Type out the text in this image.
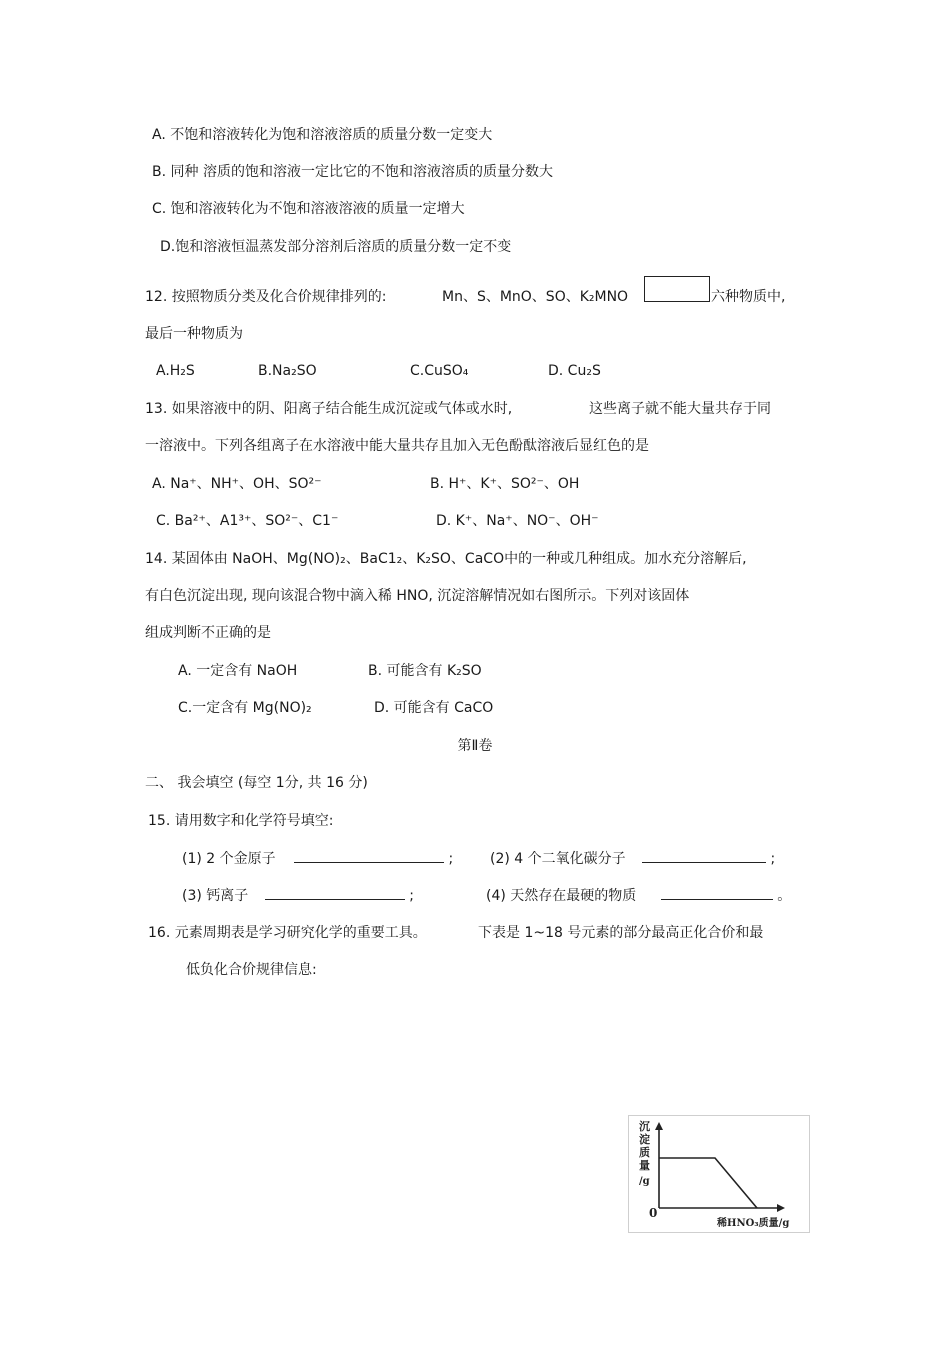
A. 不饱和溶液转化为饱和溶液溶质的质量分数一定变大
B. 同种 溶质的饱和溶液一定比它的不饱和溶液溶质的质量分数大
C. 饱和溶液转化为不饱和溶液溶液的质量一定增大
D.饱和溶液恒温蒸发部分溶剂后溶质的质量分数一定不变
12. 按照物质分类及化合价规律排列的:	Mn、S、MnO、SO、K₂MNO	六种物质中,
最后一种物质为
A.H₂S	B.Na₂SO	C.CuSO₄	D. Cu₂S
13. 如果溶液中的阴、阳离子结合能生成沉淀或气体或水时,	这些离子就不能大量共存于同
一溶液中。下列各组离子在水溶液中能大量共存且加入无色酚酞溶液后显红色的是
A. Na⁺、NH⁺、OH、SO²⁻	B. H⁺、K⁺、SO²⁻、OH
C. Ba²⁺、A1³⁺、SO²⁻、C1⁻	D. K⁺、Na⁺、NO⁻、OH⁻
14. 某固体由 NaOH、Mg(NO)₂、BaC1₂、K₂SO、CaCO中的一种或几种组成。加水充分溶解后,
有白色沉淀出现, 现向该混合物中滴入稀 HNO, 沉淀溶解情况如右图所示。下列对该固体
组成判断不正确的是
A. 一定含有 NaOH	B. 可能含有 K₂SO
C.一定含有 Mg(NO)₂	D. 可能含有 CaCO
第Ⅱ卷
二、 我会填空 (每空 1分, 共 16 分)
15. 请用数字和化学符号填空:
(1) 2 个金原子	;	(2) 4 个二氧化碳分子	;
(3) 钙离子	;	(4) 天然存在最硬的物质	。
16. 元素周期表是学习研究化学的重要工具。	下表是 1~18 号元素的部分最高正化合价和最
低负化合价规律信息:
沉
淀
质
量
/g
0
稀HNO₃质量/g
